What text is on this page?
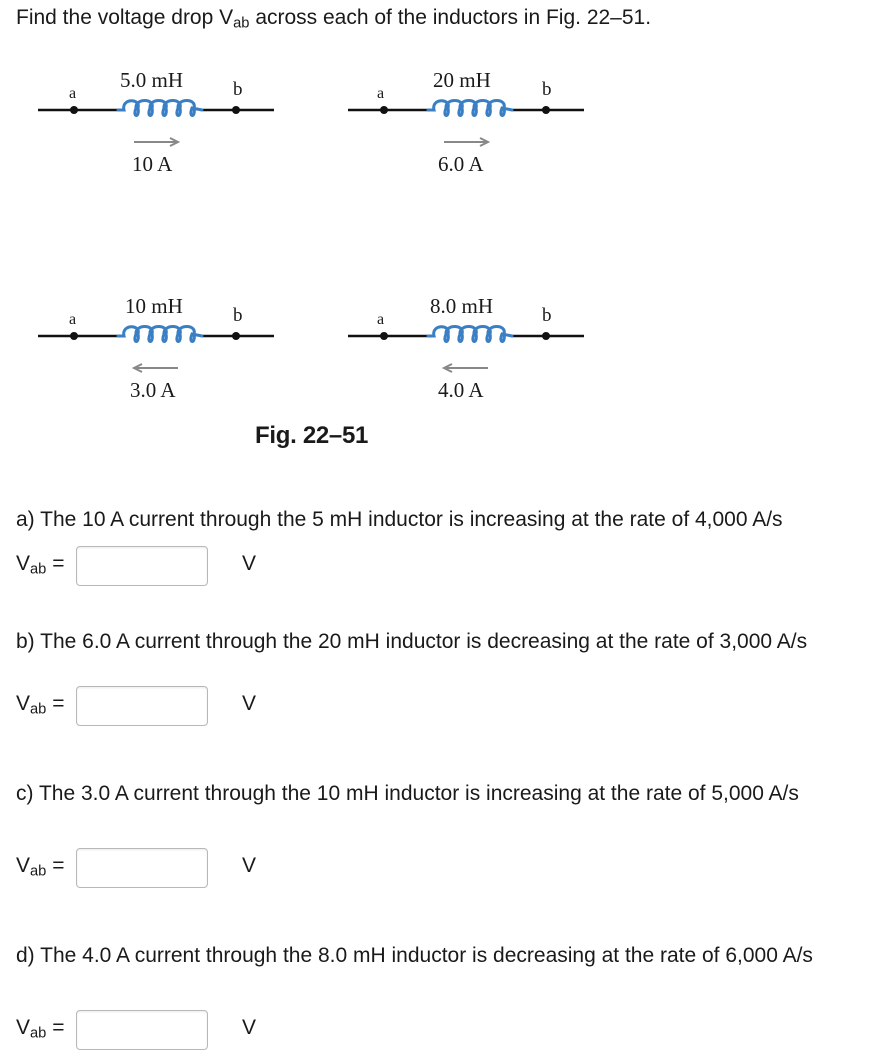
Find the voltage drop $V_{ab}$ across each of the inductors in Fig. 22–51.
a
5.0 mH	b
10 A
a
20 mH	b
6.0 A
a
10 mH	b
3.0 A
a
8.0 mH	b
4.0 A
Fig. 22–51

a) The 10 A current through the 5 mH inductor is increasing at the rate of 4,000 A/s

$V_{ab}$ =	V

b) The 6.0 A current through the 20 mH inductor is decreasing at the rate of 3,000 A/s

$V_{ab}$ =	V

c) The 3.0 A current through the 10 mH inductor is increasing at the rate of 5,000 A/s

$V_{ab}$ =	V

d) The 4.0 A current through the 8.0 mH inductor is decreasing at the rate of 6,000 A/s

$V_{ab}$ =	V
